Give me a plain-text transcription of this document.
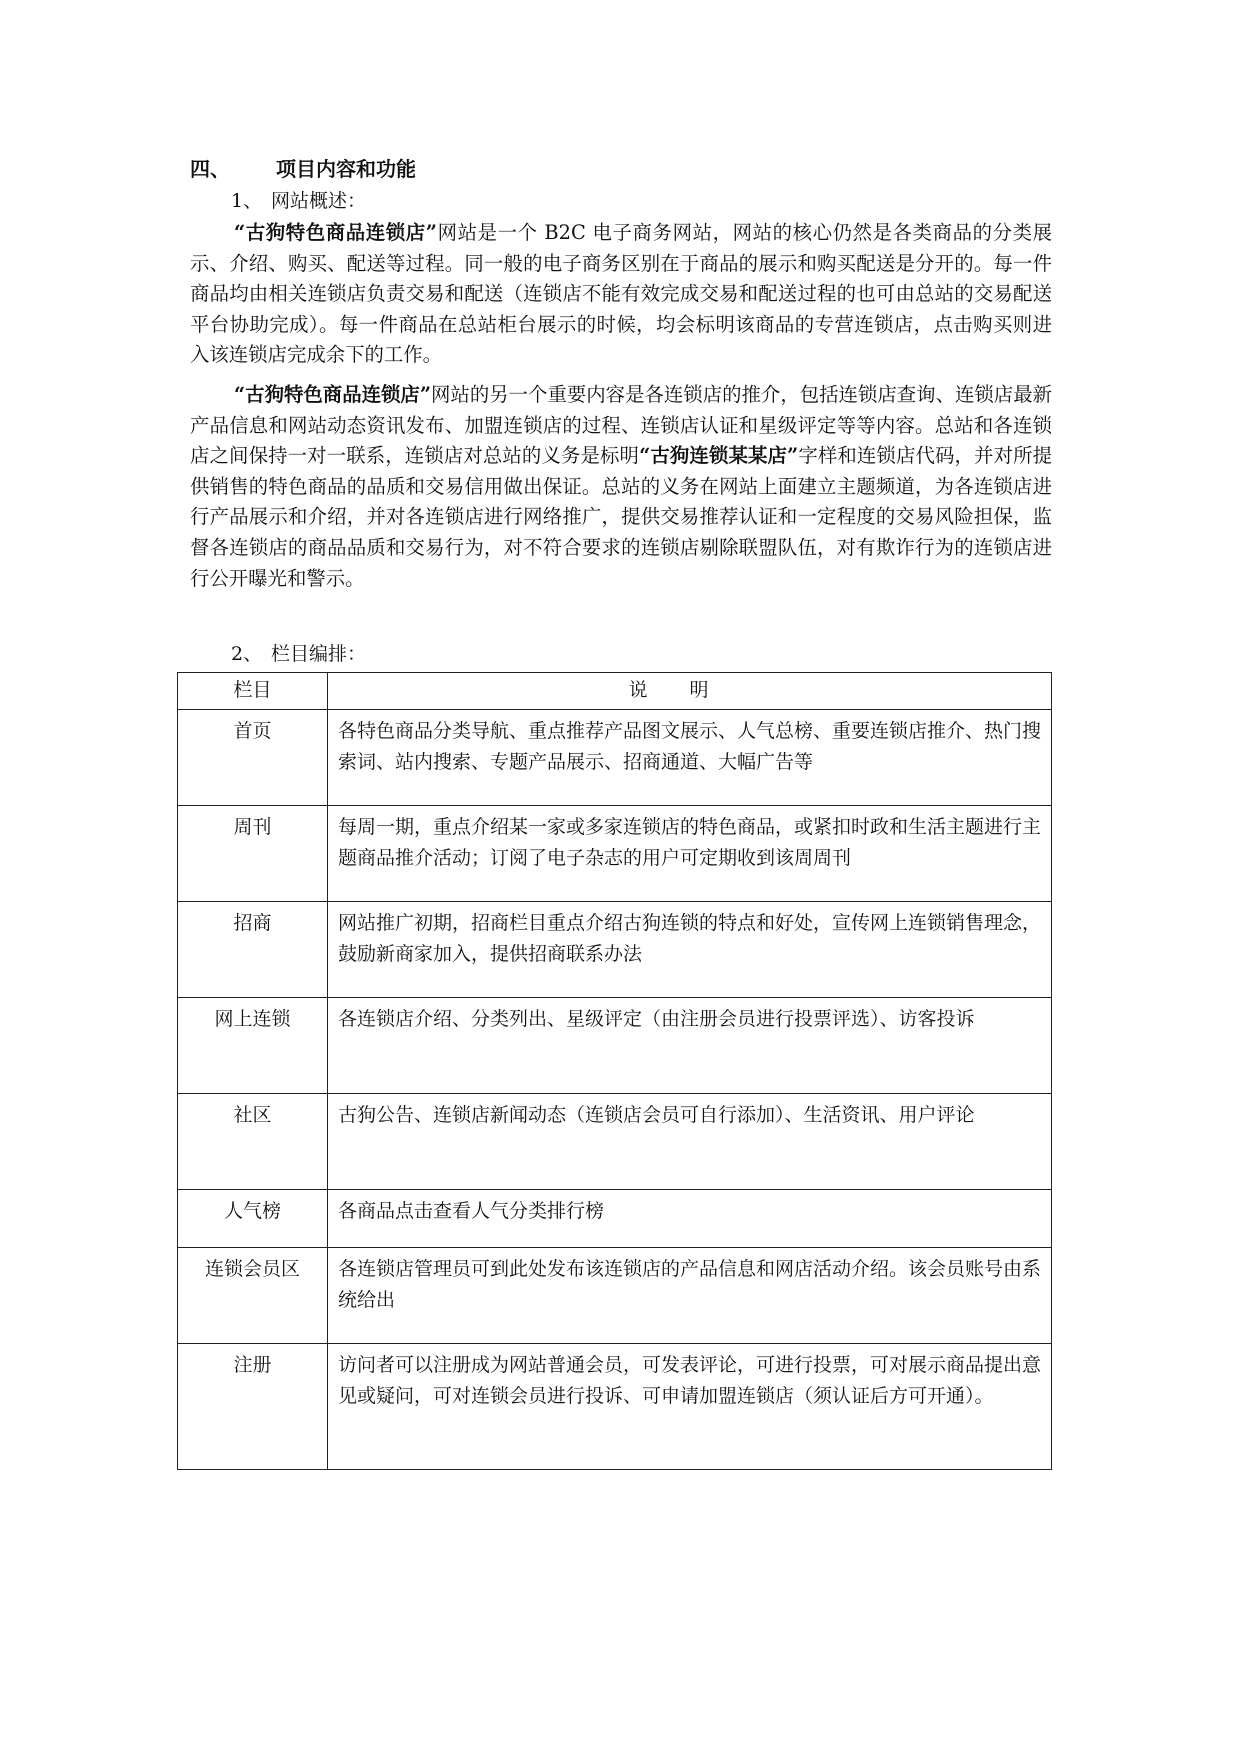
四、 项目内容和功能
1、 网站概述：

“古狗特色商品连锁店”网站是一个 B2C 电子商务网站，网站的核心仍然是各类商品的分类展示、介绍、购买、配送等过程。同一般的电子商务区别在于商品的展示和购买配送是分开的。每一件商品均由相关连锁店负责交易和配送（连锁店不能有效完成交易和配送过程的也可由总站的交易配送平台协助完成）。每一件商品在总站柜台展示的时候，均会标明该商品的专营连锁店，点击购买则进入该连锁店完成余下的工作。

“古狗特色商品连锁店”网站的另一个重要内容是各连锁店的推介，包括连锁店查询、连锁店最新产品信息和网站动态资讯发布、加盟连锁店的过程、连锁店认证和星级评定等等内容。总站和各连锁店之间保持一对一联系，连锁店对总站的义务是标明“古狗连锁某某店”字样和连锁店代码，并对所提供销售的特色商品的品质和交易信用做出保证。总站的义务在网站上面建立主题频道，为各连锁店进行产品展示和介绍，并对各连锁店进行网络推广，提供交易推荐认证和一定程度的交易风险担保，监督各连锁店的商品品质和交易行为，对不符合要求的连锁店剔除联盟队伍，对有欺诈行为的连锁店进行公开曝光和警示。

2、 栏目编排：
栏目	说明
首页	各特色商品分类导航、重点推荐产品图文展示、人气总榜、重要连锁店推介、热门搜索词、站内搜索、专题产品展示、招商通道、大幅广告等
周刊	每周一期，重点介绍某一家或多家连锁店的特色商品，或紧扣时政和生活主题进行主题商品推介活动；订阅了电子杂志的用户可定期收到该周周刊
招商	网站推广初期，招商栏目重点介绍古狗连锁的特点和好处，宣传网上连锁销售理念，鼓励新商家加入，提供招商联系办法
网上连锁	各连锁店介绍、分类列出、星级评定（由注册会员进行投票评选）、访客投诉
社区	古狗公告、连锁店新闻动态（连锁店会员可自行添加）、生活资讯、用户评论
人气榜	各商品点击查看人气分类排行榜
连锁会员区	各连锁店管理员可到此处发布该连锁店的产品信息和网店活动介绍。该会员账号由系统给出
注册	访问者可以注册成为网站普通会员，可发表评论，可进行投票，可对展示商品提出意见或疑问，可对连锁会员进行投诉、可申请加盟连锁店（须认证后方可开通）。
